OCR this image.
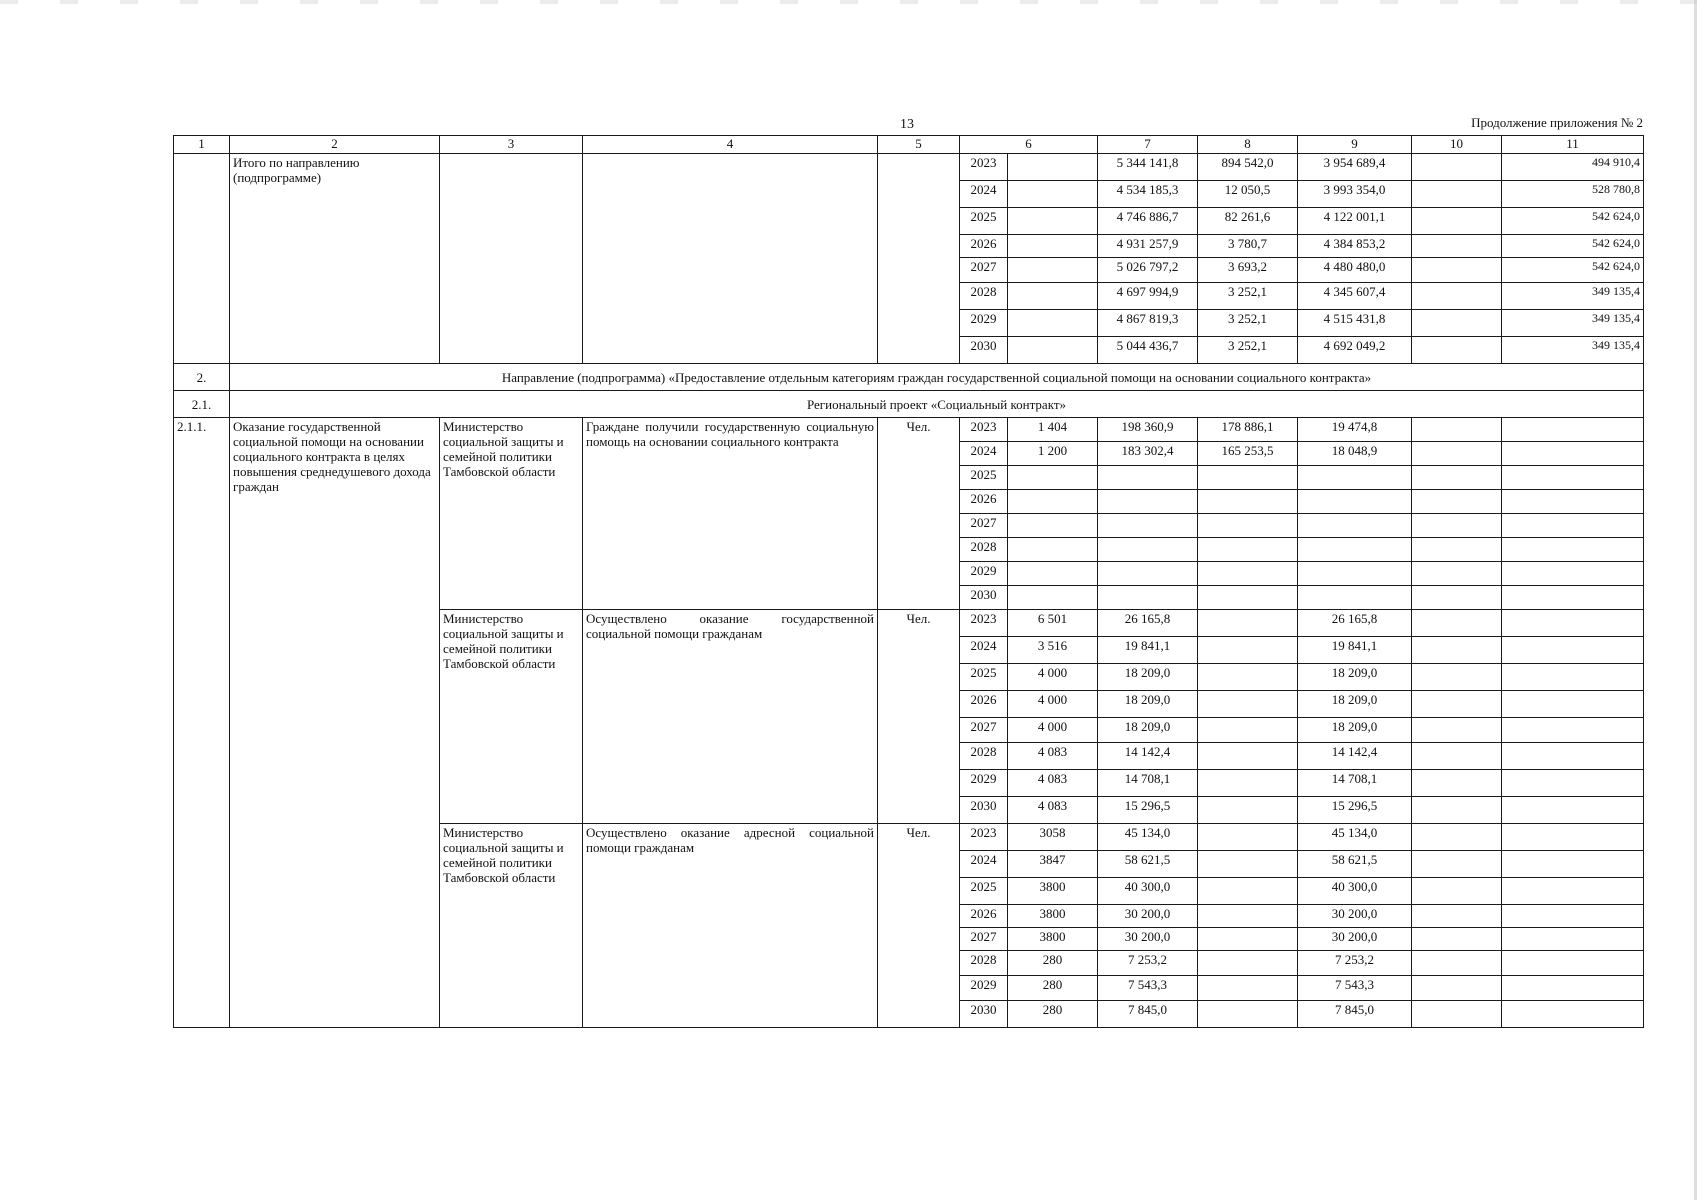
13	Продолжение приложения № 2
1	2	3	4	5	6		7	8	9	10	11
	Итого по направлению (подпрограмме)				2023		5 344 141,8	894 542,0	3 954 689,4		494 910,4
					2024		4 534 185,3	12 050,5	3 993 354,0		528 780,8
					2025		4 746 886,7	82 261,6	4 122 001,1		542 624,0
					2026		4 931 257,9	3 780,7	4 384 853,2		542 624,0
					2027		5 026 797,2	3 693,2	4 480 480,0		542 624,0
					2028		4 697 994,9	3 252,1	4 345 607,4		349 135,4
					2029		4 867 819,3	3 252,1	4 515 431,8		349 135,4
					2030		5 044 436,7	3 252,1	4 692 049,2		349 135,4
2.	Направление (подпрограмма) «Предоставление отдельным категориям граждан государственной социальной помощи на основании социального контракта»										
2.1.	Региональный проект «Социальный контракт»										
2.1.1.	Оказание государственной социальной помощи на основании социального контракта в целях повышения среднедушевого дохода граждан	Министерство социальной защиты и семейной политики Тамбовской области	Граждане получили государственную социальную помощь на основании социального контракта	Чел.	2023	1 404	198 360,9	178 886,1	19 474,8		
					2024	1 200	183 302,4	165 253,5	18 048,9		
					2025						
					2026						
					2027						
					2028						
					2029						
					2030						
		Министерство социальной защиты и семейной политики Тамбовской области	Осуществлено оказание государственной социальной помощи гражданам	Чел.	2023	6 501	26 165,8		26 165,8		
					2024	3 516	19 841,1		19 841,1		
					2025	4 000	18 209,0		18 209,0		
					2026	4 000	18 209,0		18 209,0		
					2027	4 000	18 209,0		18 209,0		
					2028	4 083	14 142,4		14 142,4		
					2029	4 083	14 708,1		14 708,1		
					2030	4 083	15 296,5		15 296,5		
		Министерство социальной защиты и семейной политики Тамбовской области	Осуществлено оказание адресной социальной помощи гражданам	Чел.	2023	3058	45 134,0		45 134,0		
					2024	3847	58 621,5		58 621,5		
					2025	3800	40 300,0		40 300,0		
					2026	3800	30 200,0		30 200,0		
					2027	3800	30 200,0		30 200,0		
					2028	280	7 253,2		7 253,2		
					2029	280	7 543,3		7 543,3		
					2030	280	7 845,0		7 845,0		
